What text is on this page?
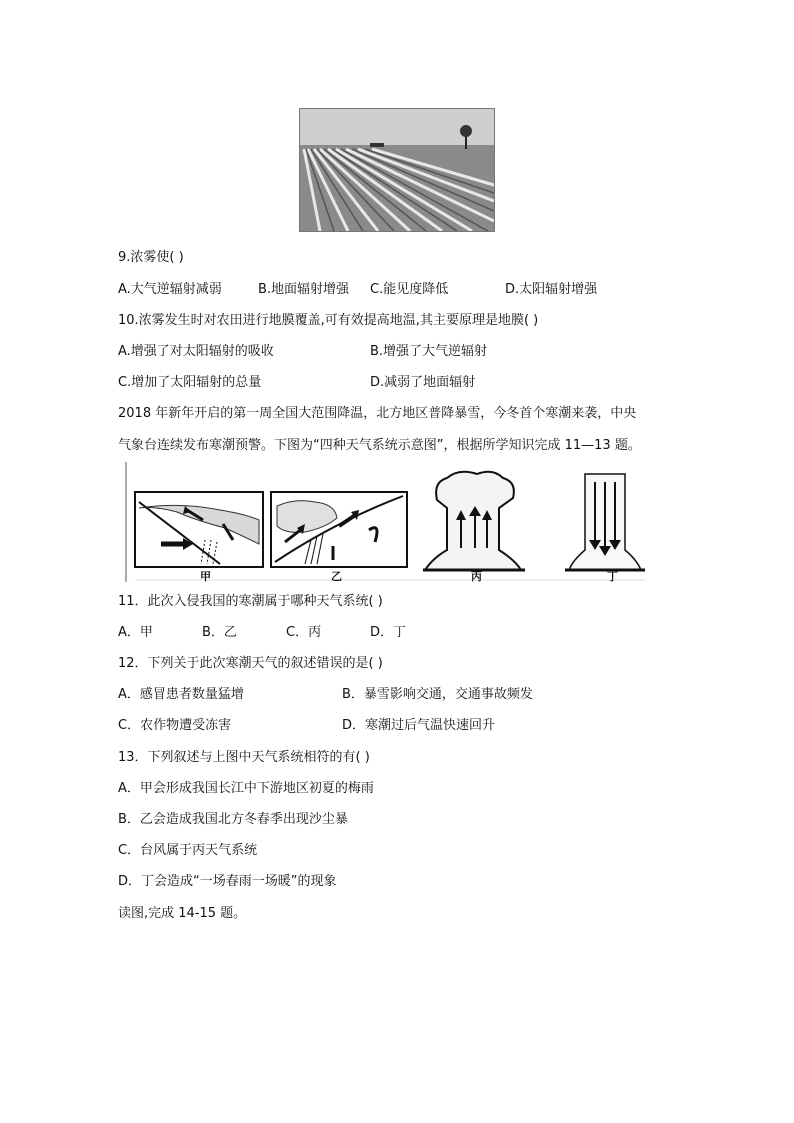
9.浓雾使( )
A.大气逆辐射减弱	B.地面辐射增强 C.能见度降低	D.太阳辐射增强
10.浓雾发生时对农田进行地膜覆盖,可有效提高地温,其主要原理是地膜( )
A.增强了对太阳辐射的吸收	B.增强了大气逆辐射
C.增加了太阳辐射的总量	D.减弱了地面辐射
2018 年新年开启的第一周全国大范围降温，北方地区普降暴雪，今冬首个寒潮来袭，中央
气象台连续发布寒潮预警。下图为“四种天气系统示意图”，根据所学知识完成 11—13 题。
甲	乙	丙	丁
11．此次入侵我国的寒潮属于哪种天气系统( )
A．甲	B．乙	C．丙	D．丁
12．下列关于此次寒潮天气的叙述错误的是( )
A．感冒患者数量猛增	B．暴雪影响交通，交通事故频发
C．农作物遭受冻害	D．寒潮过后气温快速回升
13．下列叙述与上图中天气系统相符的有( )
A．甲会形成我国长江中下游地区初夏的梅雨
B．乙会造成我国北方冬春季出现沙尘暴
C．台风属于丙天气系统
D．丁会造成“一场春雨一场暖”的现象
读图,完成 14-15 题。
